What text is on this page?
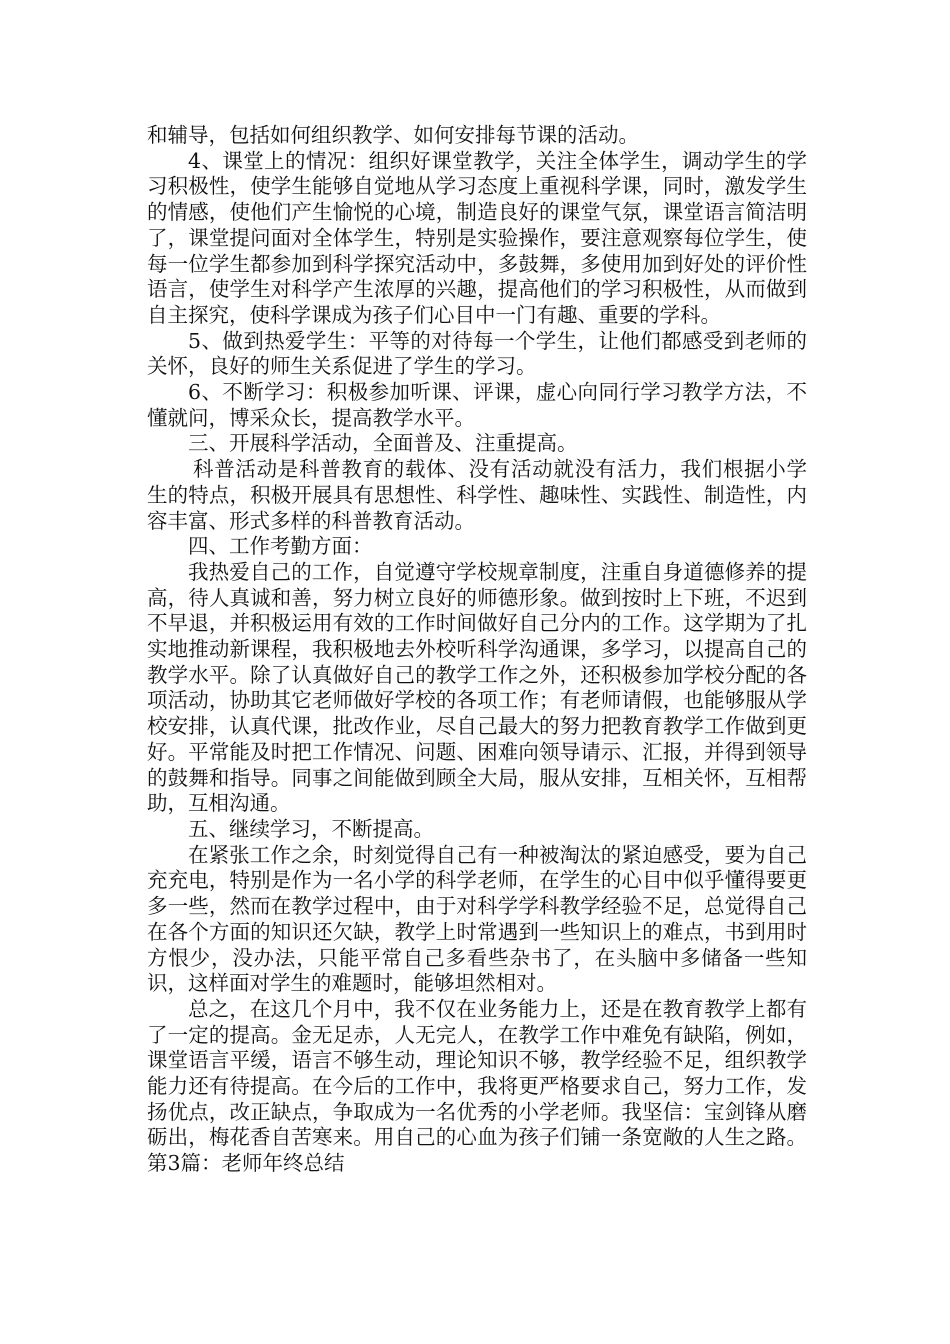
和辅导，包括如何组织教学、如何安排每节课的活动。

4、课堂上的情况：组织好课堂教学，关注全体学生，调动学生的学习积极性，使学生能够自觉地从学习态度上重视科学课，同时，激发学生的情感，使他们产生愉悦的心境，制造良好的课堂气氛，课堂语言简洁明了，课堂提问面对全体学生，特别是实验操作，要注意观察每位学生，使每一位学生都参加到科学探究活动中，多鼓舞，多使用加到好处的评价性语言，使学生对科学产生浓厚的兴趣，提高他们的学习积极性，从而做到自主探究，使科学课成为孩子们心目中一门有趣、重要的学科。

5、做到热爱学生：平等的对待每一个学生，让他们都感受到老师的关怀，良好的师生关系促进了学生的学习。

6、不断学习：积极参加听课、评课，虚心向同行学习教学方法，不懂就问，博采众长，提高教学水平。

三、开展科学活动，全面普及、注重提高。

科普活动是科普教育的载体、没有活动就没有活力，我们根据小学生的特点，积极开展具有思想性、科学性、趣味性、实践性、制造性，内容丰富、形式多样的科普教育活动。

四、工作考勤方面：

我热爱自己的工作，自觉遵守学校规章制度，注重自身道德修养的提高，待人真诚和善，努力树立良好的师德形象。做到按时上下班，不迟到不早退，并积极运用有效的工作时间做好自己分内的工作。这学期为了扎实地推动新课程，我积极地去外校听科学沟通课，多学习，以提高自己的教学水平。除了认真做好自己的教学工作之外，还积极参加学校分配的各项活动，协助其它老师做好学校的各项工作；有老师请假，也能够服从学校安排，认真代课，批改作业，尽自己最大的努力把教育教学工作做到更好。平常能及时把工作情况、问题、困难向领导请示、汇报，并得到领导的鼓舞和指导。同事之间能做到顾全大局，服从安排，互相关怀，互相帮助，互相沟通。

五、继续学习，不断提高。

在紧张工作之余，时刻觉得自己有一种被淘汰的紧迫感受，要为自己充充电，特别是作为一名小学的科学老师，在学生的心目中似乎懂得要更多一些，然而在教学过程中，由于对科学学科教学经验不足，总觉得自己在各个方面的知识还欠缺，教学上时常遇到一些知识上的难点，书到用时方恨少，没办法，只能平常自己多看些杂书了，在头脑中多储备一些知识，这样面对学生的难题时，能够坦然相对。

总之，在这几个月中，我不仅在业务能力上，还是在教育教学上都有了一定的提高。金无足赤，人无完人，在教学工作中难免有缺陷，例如，课堂语言平缓，语言不够生动，理论知识不够，教学经验不足，组织教学能力还有待提高。在今后的工作中，我将更严格要求自己，努力工作，发扬优点，改正缺点，争取成为一名优秀的小学老师。我坚信：宝剑锋从磨砺出，梅花香自苦寒来。用自己的心血为孩子们铺一条宽敞的人生之路。第3篇：老师年终总结
